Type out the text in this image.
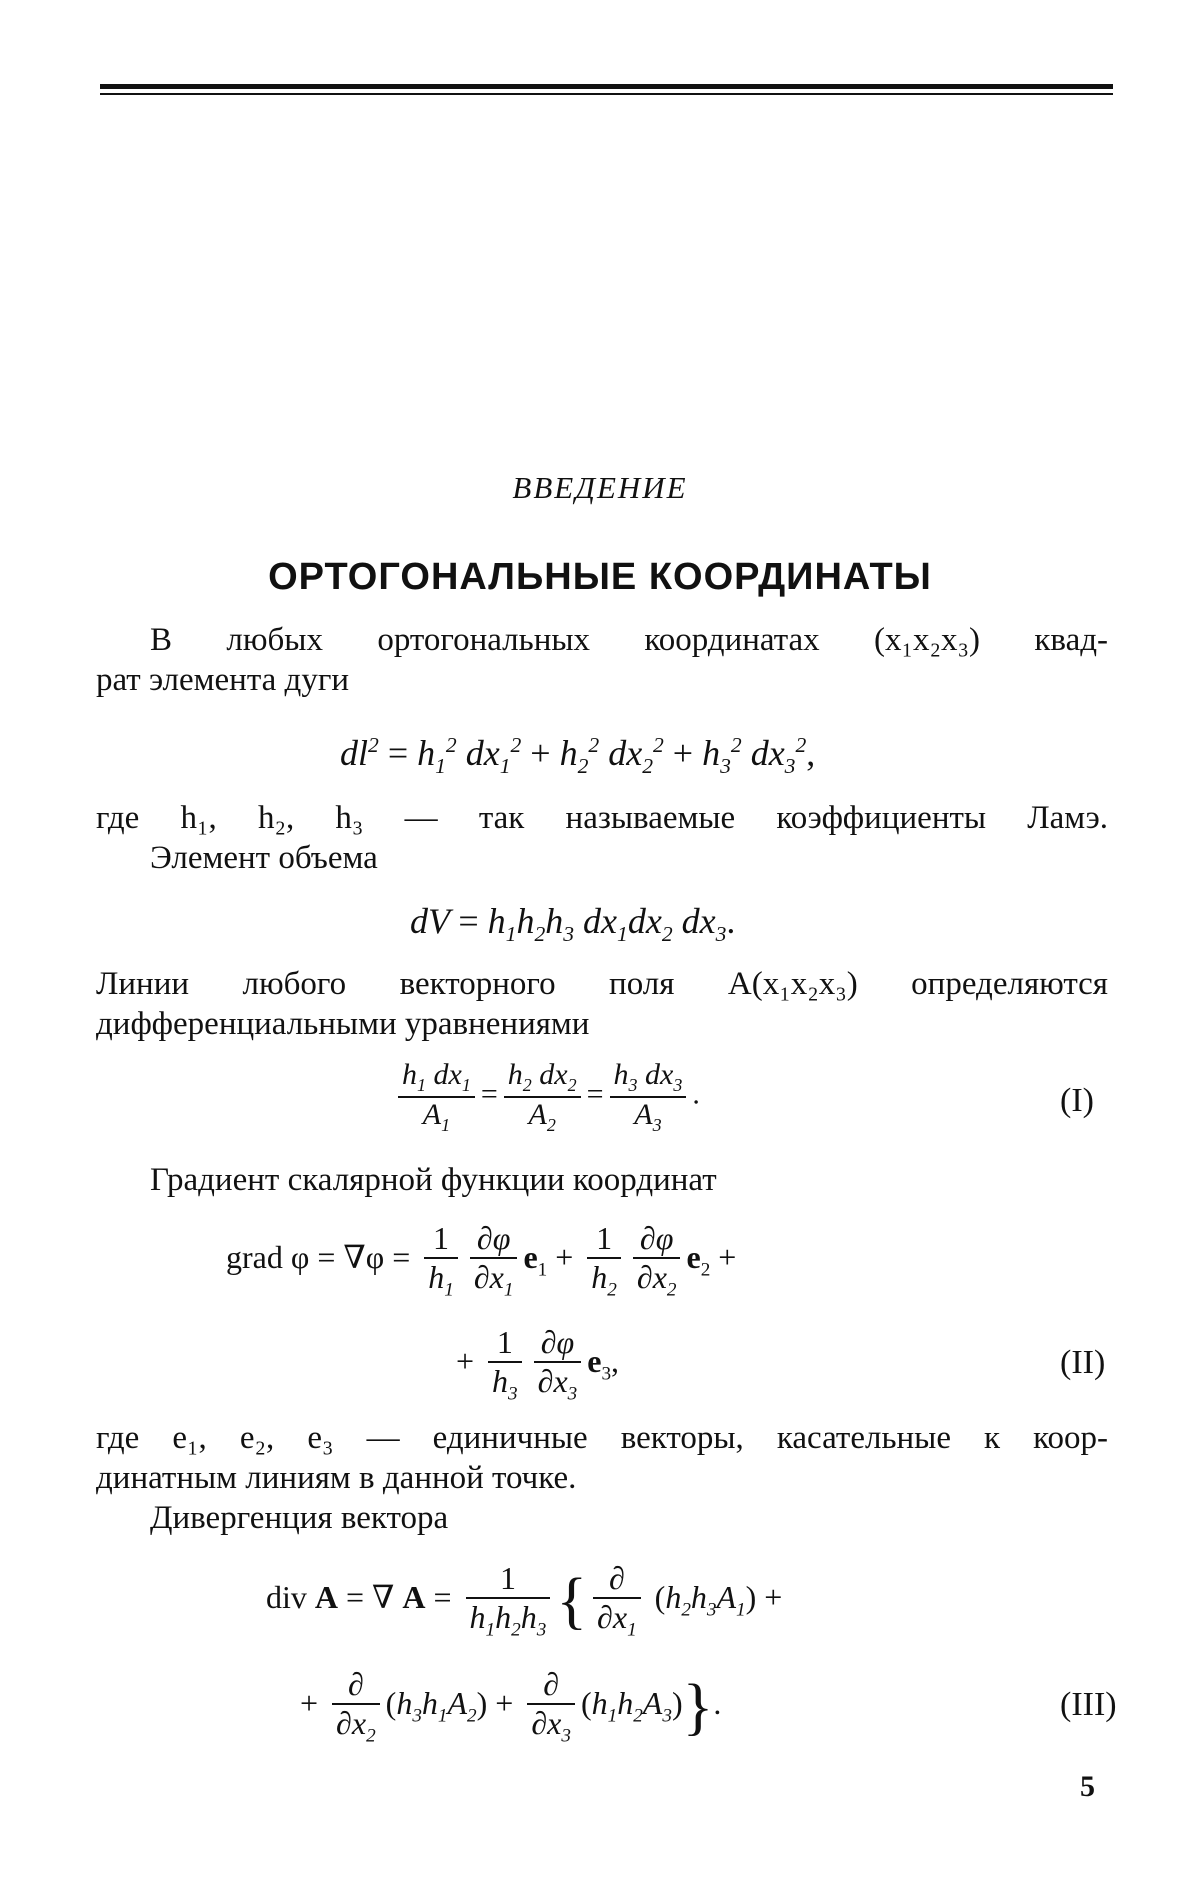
ВВЕДЕНИЕ
ОРТОГОНАЛЬНЫЕ КООРДИНАТЫ
В любых ортогональных координатах (x₁x₂x₃) квад-
рат элемента дуги
$dl^2 = h_1^2$ $dx_1^2 + h_2^2$ $dx_2^2 + h_3^2$ $dx_3^2$,
где h₁, h₂, h₃ — так называемые коэффициенты Ламэ.
Элемент объема
dV = $h_1h_2h_3$ $dx_1dx_2$ $dx_3$.
Линии любого векторного поля A(x₁x₂x₃) определяются
дифференциальными уравнениями
$\frac{h_1 dx_1}{A_1} = \frac{h_2 dx_2}{A_2} = \frac{h_3 dx_3}{A_3}$ .	(I)
Градиент скалярной функции координат
grad $\varphi = \nabla\varphi = \frac{1}{h_1} \frac{\partial\varphi}{\partial x_1} e_1 + \frac{1}{h_2} \frac{\partial\varphi}{\partial x_2} e_2$ +
+ $\frac{1}{h_3} \frac{\partial\varphi}{\partial x_3} e_3$,	(II)
где e₁, e₂, e₃ — единичные векторы, касательные к коор-
динатным линиям в данной точке.
Дивергенция вектора
div A = ∇ $A = \frac{1}{h_1h_2h_3}$ { $\frac{\partial}{\partial x_1} (h_2h_3A_1)$ +
+ $\frac{\partial}{\partial x_2} (h_3h_1A_2) + \frac{\partial}{\partial x_3} (h_1h_2A_3)$}.	(III)
5
